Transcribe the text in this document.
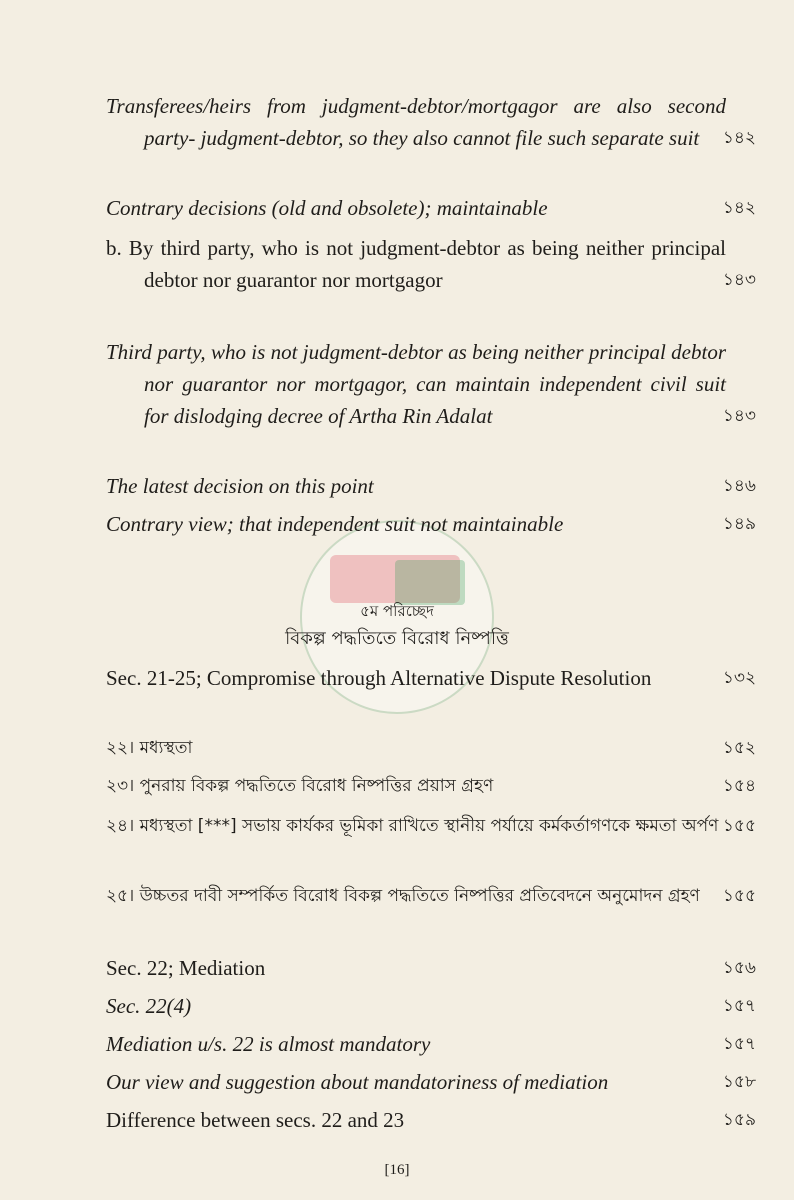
Transferees/heirs from judgment-debtor/mortgagor are also second party- judgment-debtor, so they also cannot file such separate suit	১৪২
Contrary decisions (old and obsolete); maintainable	১৪২
b. By third party, who is not judgment-debtor as being neither principal debtor nor guarantor nor mortgagor	১৪৩
Third party, who is not judgment-debtor as being neither principal debtor nor guarantor nor mortgagor, can maintain independent civil suit for dislodging decree of Artha Rin Adalat	১৪৩
The latest decision on this point	১৪৬
Contrary view; that independent suit not maintainable	১৪৯
৫ম পরিচ্ছেদ
বিকল্প পদ্ধতিতে বিরোধ নিষ্পত্তি
Sec. 21-25; Compromise through Alternative Dispute Resolution	১৩২
২২। মধ্যস্থতা	১৫২
২৩। পুনরায় বিকল্প পদ্ধতিতে বিরোধ নিষ্পত্তির প্রয়াস গ্রহণ	১৫৪
২৪। মধ্যস্থতা [***] সভায় কার্যকর ভূমিকা রাখিতে স্থানীয় পর্যায়ে কর্মকর্তাগণকে ক্ষমতা অর্পণ ১৫৫
২৫। উচ্চতর দাবী সম্পর্কিত বিরোধ বিকল্প পদ্ধতিতে নিষ্পত্তির প্রতিবেদনে অনুমোদন গ্রহণ	১৫৫
Sec. 22; Mediation	১৫৬
Sec. 22(4)	১৫৭
Mediation u/s. 22 is almost mandatory	১৫৭
Our view and suggestion about mandatoriness of mediation	১৫৮
Difference between secs. 22 and 23	১৫৯
[16]
